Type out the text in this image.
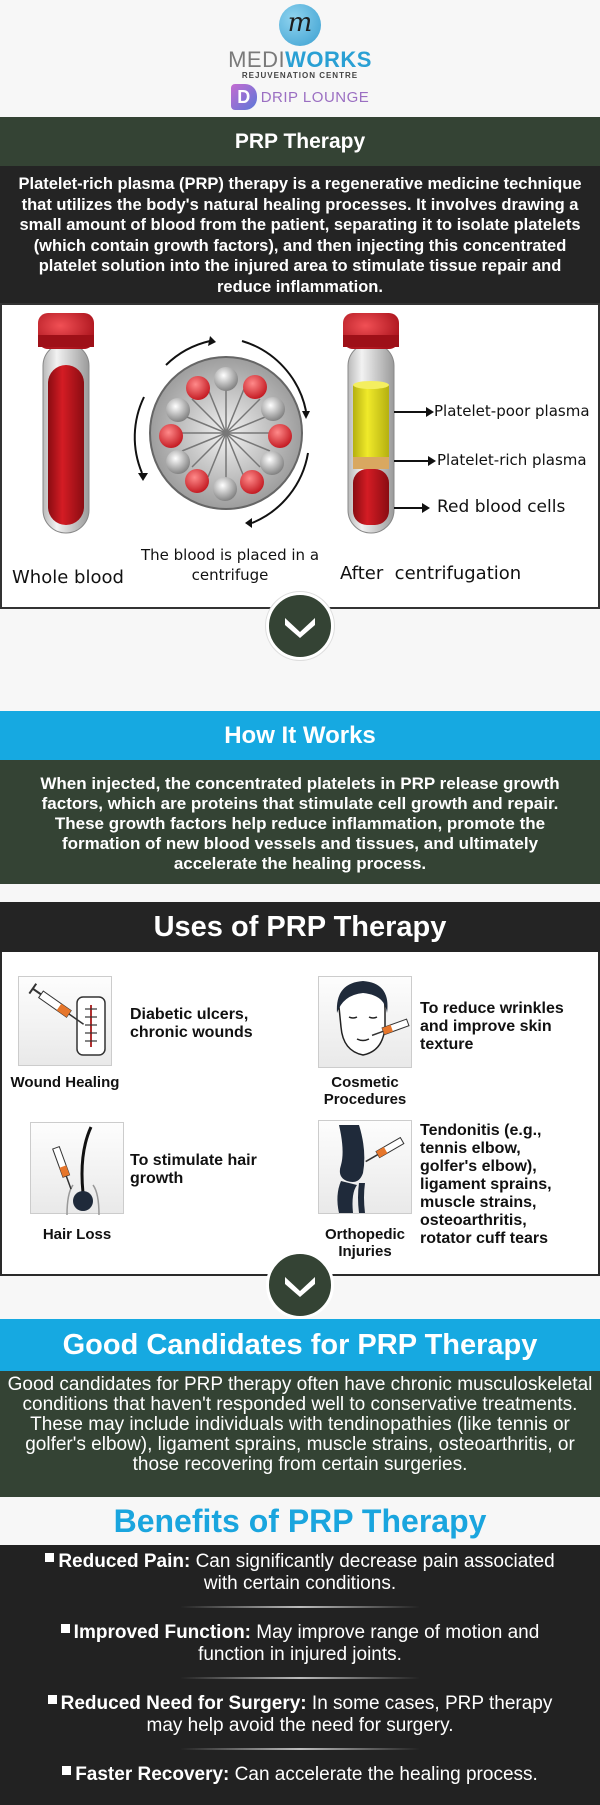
m
MEDIWORKS
REJUVENATION CENTRE
D DRIP LOUNGE
PRP Therapy
Platelet-rich plasma (PRP) therapy is a regenerative medicine technique that utilizes the body's natural healing processes. It involves drawing a small amount of blood from the patient, separating it to isolate platelets (which contain growth factors), and then injecting this concentrated platelet solution into the injured area to stimulate tissue repair and reduce inflammation.
Whole blood
The blood is placed in a
centrifuge	After  centrifugation
Platelet-poor plasma
Platelet-rich plasma
Red blood cells
How It Works
When injected, the concentrated platelets in PRP release growth factors, which are proteins that stimulate cell growth and repair. These growth factors help reduce inflammation, promote the formation of new blood vessels and tissues, and ultimately accelerate the healing process.
Uses of PRP Therapy
Wound Healing
Diabetic ulcers, chronic wounds
Cosmetic Procedures
To reduce wrinkles and improve skin texture
Hair Loss
To stimulate hair growth
Orthopedic Injuries
Tendonitis (e.g., tennis elbow, golfer's elbow), ligament sprains, muscle strains, osteoarthritis, rotator cuff tears
Good Candidates for PRP Therapy
Good candidates for PRP therapy often have chronic musculoskeletal conditions that haven't responded well to conservative treatments. These may include individuals with tendinopathies (like tennis or golfer's elbow), ligament sprains, muscle strains, osteoarthritis, or those recovering from certain surgeries.
Benefits of PRP Therapy
Reduced Pain: Can significantly decrease pain associated with certain conditions.
Improved Function: May improve range of motion and function in injured joints.
Reduced Need for Surgery: In some cases, PRP therapy may help avoid the need for surgery.
Faster Recovery: Can accelerate the healing process.
